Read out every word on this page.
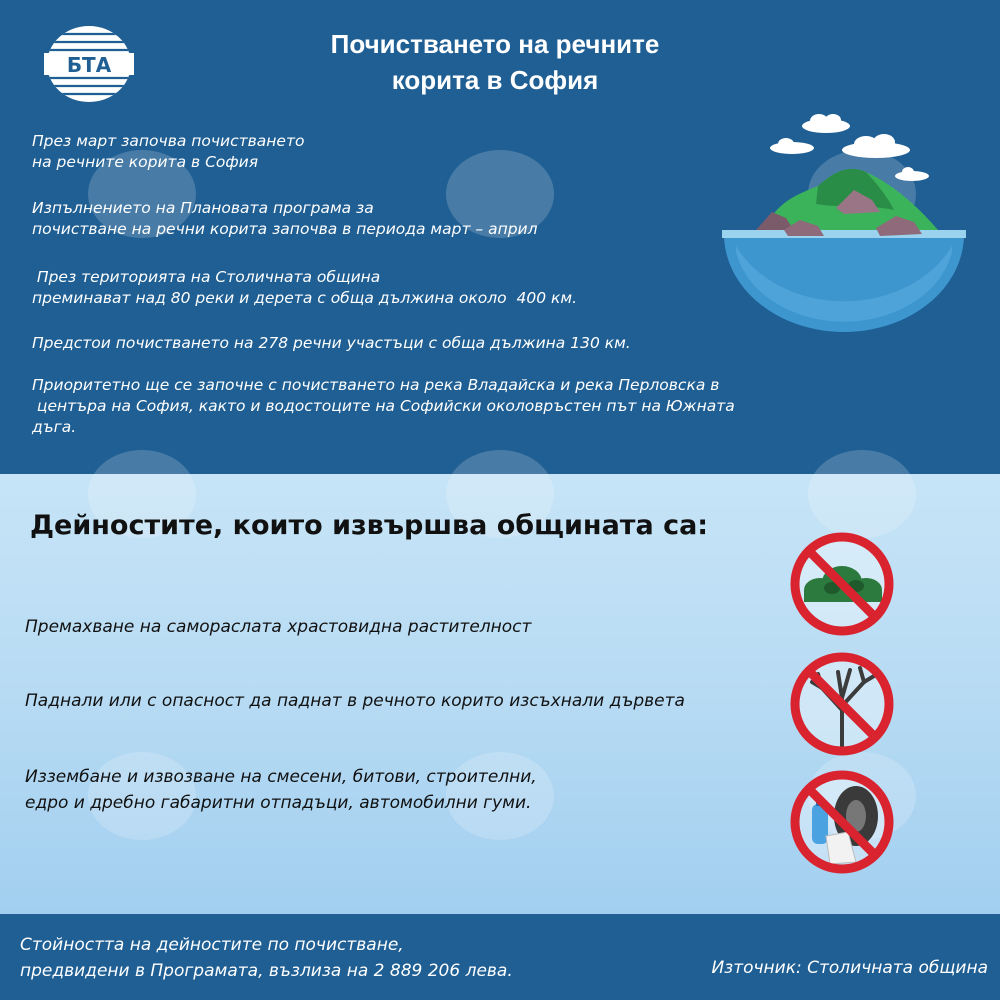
БТА
Почистването на речните
корита в София
През март започва почистването
на речните корита в София
Изпълнението на Плановата програма за
почистване на речни корита започва в периода март – април
През територията на Столичната община
преминават над 80 реки и дерета с обща дължина около  400 км.
Предстои почистването на 278 речни участъци с обща дължина 130 км.
Приоритетно ще се започне с почистването на река Владайска и река Перловска в
центъра на София, както и водостоците на Софийски околовръстен път на Южната
дъга.
Дейностите, които извършва общината са:
Премахване на самораслата храстовидна растителност
Паднали или с опасност да паднат в речното корито изсъхнали дървета
Иззембане и извозване на смесени, битови, строителни,
едро и дребно габаритни отпадъци, автомобилни гуми.
Стойността на дейностите по почистване,
предвидени в Програмата, възлиза на 2 889 206 лева.	Източник: Столичната община
